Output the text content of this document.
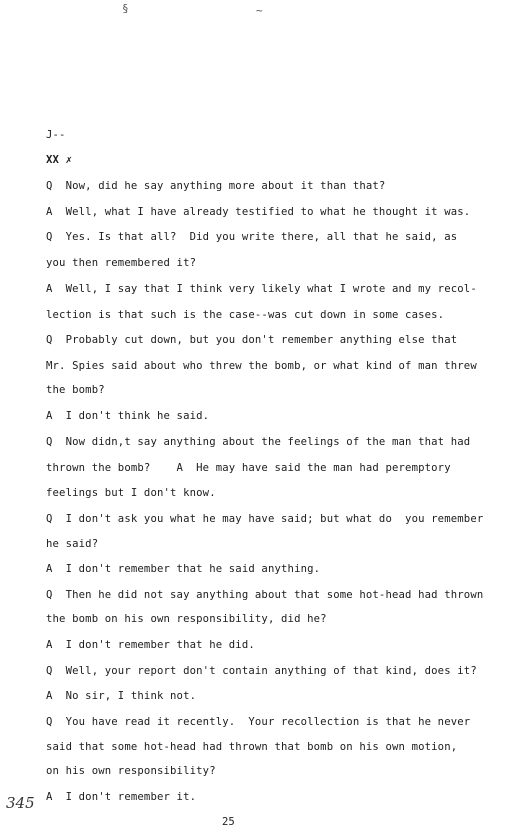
§	~
J--
XX ✗
Q  Now, did he say anything more about it than that?
A  Well, what I have already testified to what he thought it was.
Q  Yes. Is that all?  Did you write there, all that he said, as
you then remembered it?
A  Well, I say that I think very likely what I wrote and my recol-
lection is that such is the case--was cut down in some cases.
Q  Probably cut down, but you don't remember anything else that
Mr. Spies said about who threw the bomb, or what kind of man threw
the bomb?
A  I don't think he said.
Q  Now didn,t say anything about the feelings of the man that had
thrown the bomb?    A  He may have said the man had peremptory
feelings but I don't know.
Q  I don't ask you what he may have said; but what do  you remember
he said?
A  I don't remember that he said anything.
Q  Then he did not say anything about that some hot-head had thrown
the bomb on his own responsibility, did he?
A  I don't remember that he did.
Q  Well, your report don't contain anything of that kind, does it?
A  No sir, I think not.
Q  You have read it recently.  Your recollection is that he never
said that some hot-head had thrown that bomb on his own motion,
on his own responsibility?
A  I don't remember it.
345
25
